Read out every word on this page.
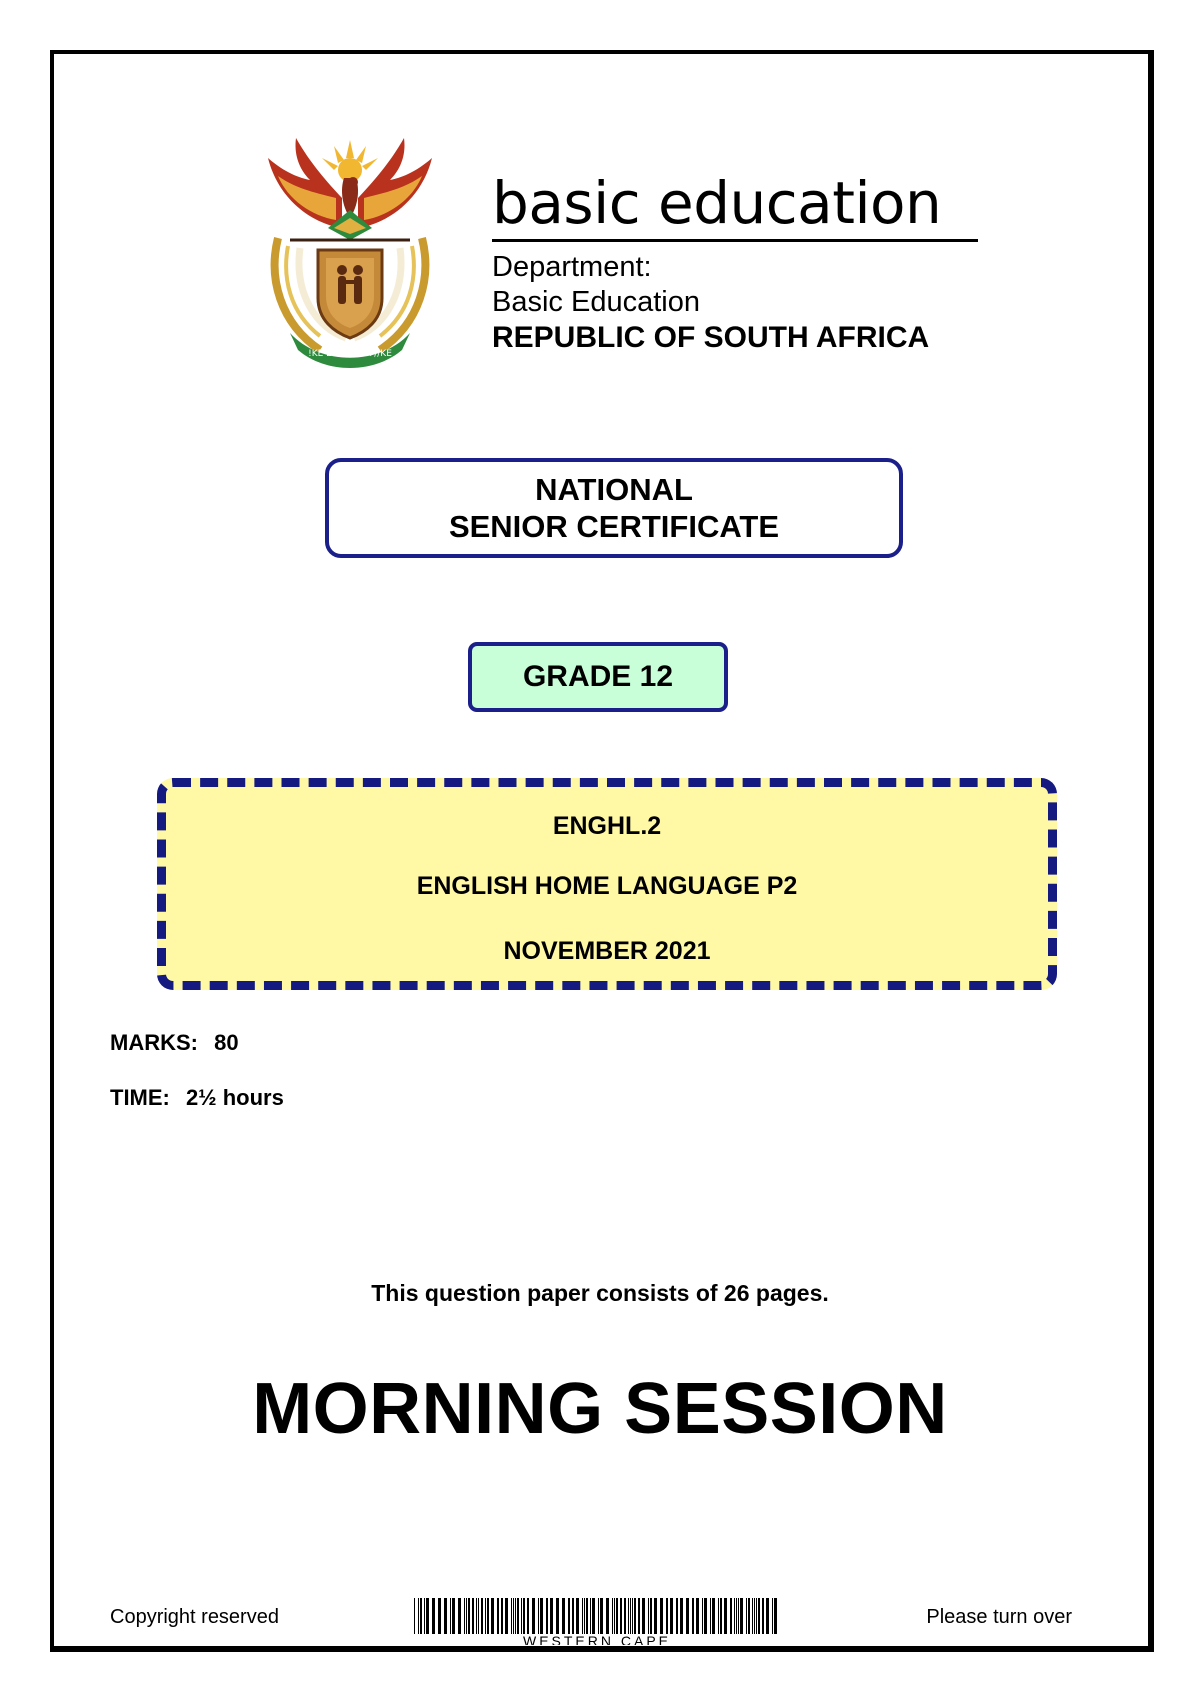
!KE E: /XARRA //KE
basic education
Department:
Basic Education
REPUBLIC OF SOUTH AFRICA
NATIONAL
SENIOR CERTIFICATE
GRADE 12
ENGHL.2
ENGLISH HOME LANGUAGE P2
NOVEMBER 2021
MARKS: 80
TIME: 2½ hours
This question paper consists of 26 pages.
MORNING SESSION
Copyright reserved
WESTERN CAPE
Please turn over
